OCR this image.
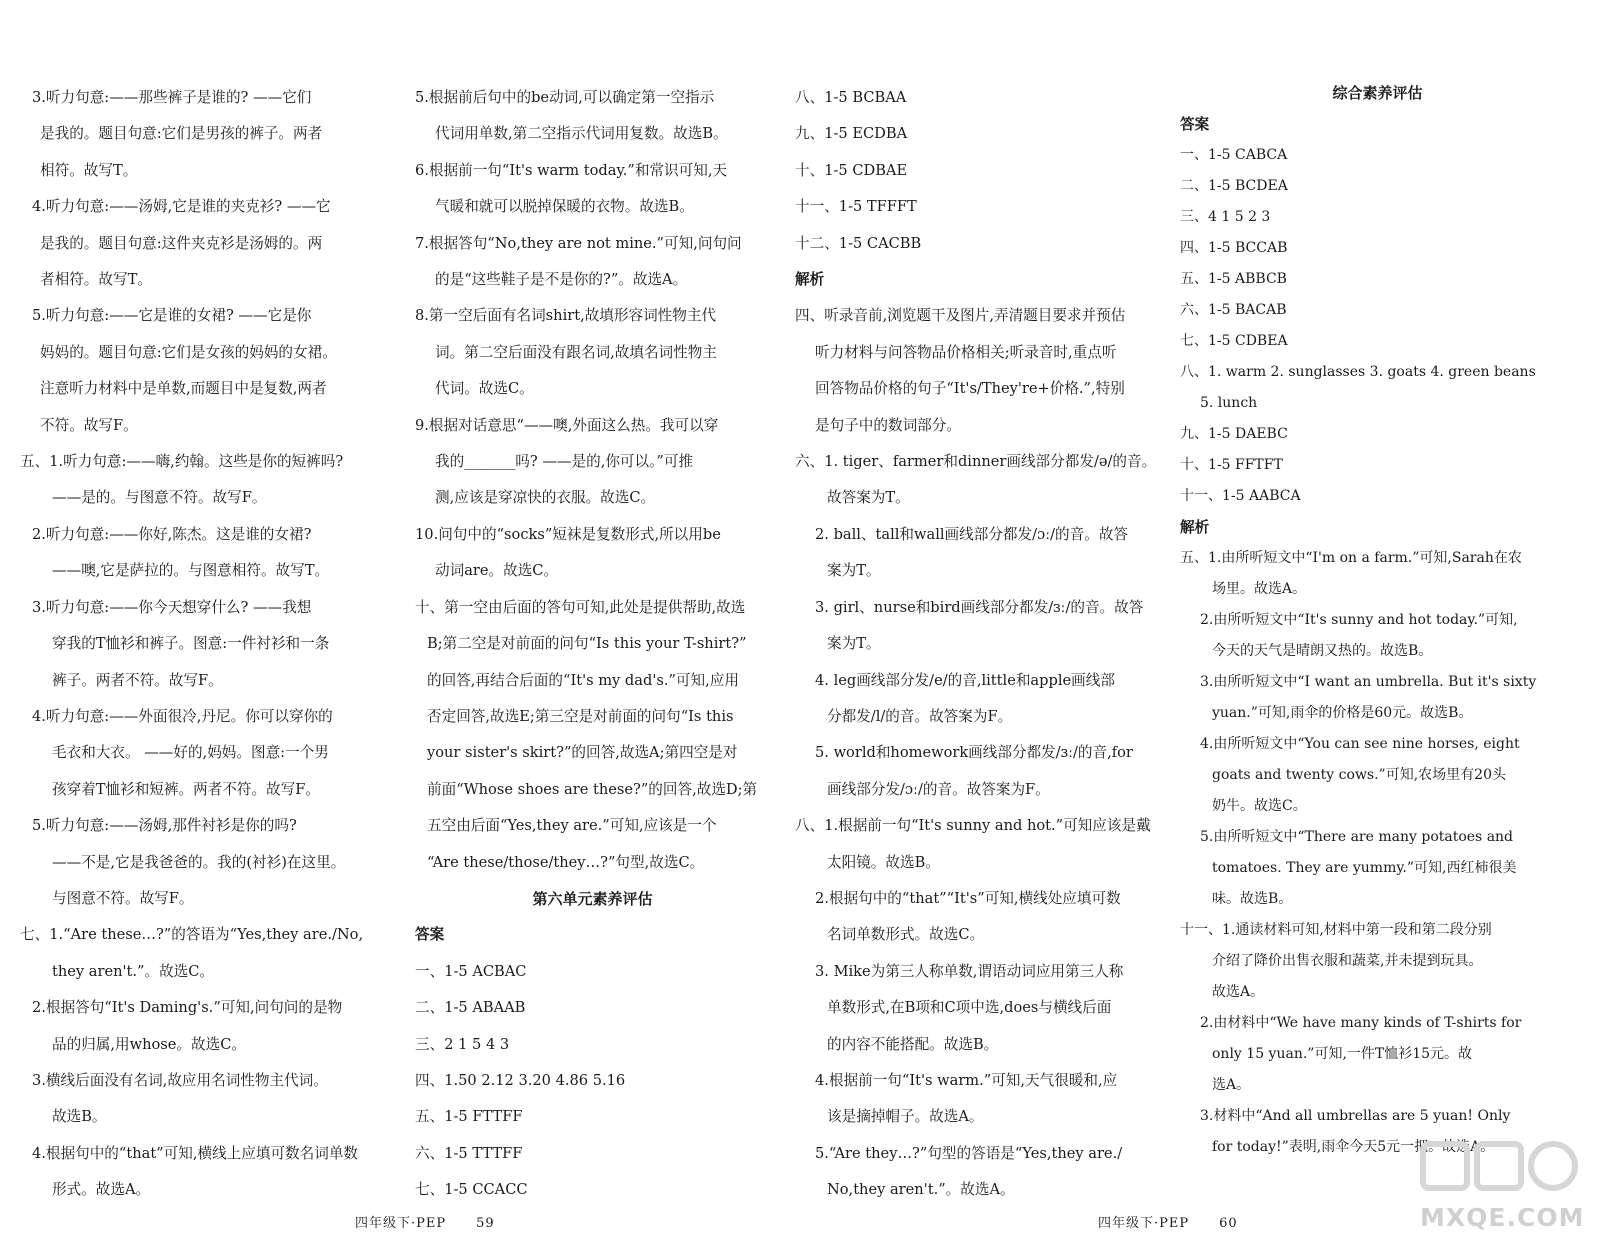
3.听力句意:——那些裤子是谁的? ——它们
是我的。题目句意:它们是男孩的裤子。两者
相符。故写T。
4.听力句意:——汤姆,它是谁的夹克衫? ——它
是我的。题目句意:这件夹克衫是汤姆的。两
者相符。故写T。
5.听力句意:——它是谁的女裙? ——它是你
妈妈的。题目句意:它们是女孩的妈妈的女裙。
注意听力材料中是单数,而题目中是复数,两者
不符。故写F。
五、1.听力句意:——嗨,约翰。这些是你的短裤吗?
——是的。与图意不符。故写F。
2.听力句意:——你好,陈杰。这是谁的女裙?
——噢,它是萨拉的。与图意相符。故写T。
3.听力句意:——你今天想穿什么? ——我想
穿我的T恤衫和裤子。图意:一件衬衫和一条
裤子。两者不符。故写F。
4.听力句意:——外面很冷,丹尼。你可以穿你的
毛衣和大衣。 ——好的,妈妈。图意:一个男
孩穿着T恤衫和短裤。两者不符。故写F。
5.听力句意:——汤姆,那件衬衫是你的吗?
——不是,它是我爸爸的。我的(衬衫)在这里。
与图意不符。故写F。
七、1.“Are these…?”的答语为“Yes,they are./No,
they aren't.”。故选C。
2.根据答句“It's Daming's.”可知,问句问的是物
品的归属,用whose。故选C。
3.横线后面没有名词,故应用名词性物主代词。
故选B。
4.根据句中的“that”可知,横线上应填可数名词单数
形式。故选A。
5.根据前后句中的be动词,可以确定第一空指示
代词用单数,第二空指示代词用复数。故选B。
6.根据前一句“It's warm today.”和常识可知,天
气暖和就可以脱掉保暖的衣物。故选B。
7.根据答句“No,they are not mine.”可知,问句问
的是“这些鞋子是不是你的?”。故选A。
8.第一空后面有名词shirt,故填形容词性物主代
词。第二空后面没有跟名词,故填名词性物主
代词。故选C。
9.根据对话意思“——噢,外面这么热。我可以穿
我的_______吗? ——是的,你可以。”可推
测,应该是穿凉快的衣服。故选C。
10.问句中的“socks”短袜是复数形式,所以用be
动词are。故选C。
十、第一空由后面的答句可知,此处是提供帮助,故选
B;第二空是对前面的问句“Is this your T-shirt?”
的回答,再结合后面的“It's my dad's.”可知,应用
否定回答,故选E;第三空是对前面的问句“Is this
your sister's skirt?”的回答,故选A;第四空是对
前面“Whose shoes are these?”的回答,故选D;第
五空由后面“Yes,they are.”可知,应该是一个
“Are these/those/they…?”句型,故选C。
第六单元素养评估
答案
一、1-5 ACBAC
二、1-5 ABAAB
三、2 1 5 4 3
四、1.50 2.12 3.20 4.86 5.16
五、1-5 FTTFF
六、1-5 TTTFF
七、1-5 CCACC
八、1-5 BCBAA
九、1-5 ECDBA
十、1-5 CDBAE
十一、1-5 TFFFT
十二、1-5 CACBB
解析
四、听录音前,浏览题干及图片,弄清题目要求并预估
听力材料与问答物品价格相关;听录音时,重点听
回答物品价格的句子“It's/They're+价格.”,特别
是句子中的数词部分。
六、1. tiger、farmer和dinner画线部分都发/ə/的音。
故答案为T。
2. ball、tall和wall画线部分都发/ɔː/的音。故答
案为T。
3. girl、nurse和bird画线部分都发/ɜː/的音。故答
案为T。
4. leg画线部分发/e/的音,little和apple画线部
分都发/l/的音。故答案为F。
5. world和homework画线部分都发/ɜː/的音,for
画线部分发/ɔː/的音。故答案为F。
八、1.根据前一句“It's sunny and hot.”可知应该是戴
太阳镜。故选B。
2.根据句中的“that”“It's”可知,横线处应填可数
名词单数形式。故选C。
3. Mike为第三人称单数,谓语动词应用第三人称
单数形式,在B项和C项中选,does与横线后面
的内容不能搭配。故选B。
4.根据前一句“It's warm.”可知,天气很暖和,应
该是摘掉帽子。故选A。
5.“Are they…?”句型的答语是“Yes,they are./
No,they aren't.”。故选A。
综合素养评估
答案
一、1-5 CABCA
二、1-5 BCDEA
三、4 1 5 2 3
四、1-5 BCCAB
五、1-5 ABBCB
六、1-5 BACAB
七、1-5 CDBEA
八、1. warm 2. sunglasses 3. goats 4. green beans
5. lunch
九、1-5 DAEBC
十、1-5 FFTFT
十一、1-5 AABCA
解析
五、1.由所听短文中“I'm on a farm.”可知,Sarah在农
场里。故选A。
2.由所听短文中“It's sunny and hot today.”可知,
今天的天气是晴朗又热的。故选B。
3.由所听短文中“I want an umbrella. But it's sixty
yuan.”可知,雨伞的价格是60元。故选B。
4.由所听短文中“You can see nine horses, eight
goats and twenty cows.”可知,农场里有20头
奶牛。故选C。
5.由所听短文中“There are many potatoes and
tomatoes. They are yummy.”可知,西红柿很美
味。故选B。
十一、1.通读材料可知,材料中第一段和第二段分别
介绍了降价出售衣服和蔬菜,并未提到玩具。
故选A。
2.由材料中“We have many kinds of T-shirts for
only 15 yuan.”可知,一件T恤衫15元。故
选A。
3.材料中“And all umbrellas are 5 yuan! Only
for today!”表明,雨伞今天5元一把。故选A。
四年级下·PEP 59	四年级下·PEP 60	MXQE.COM
